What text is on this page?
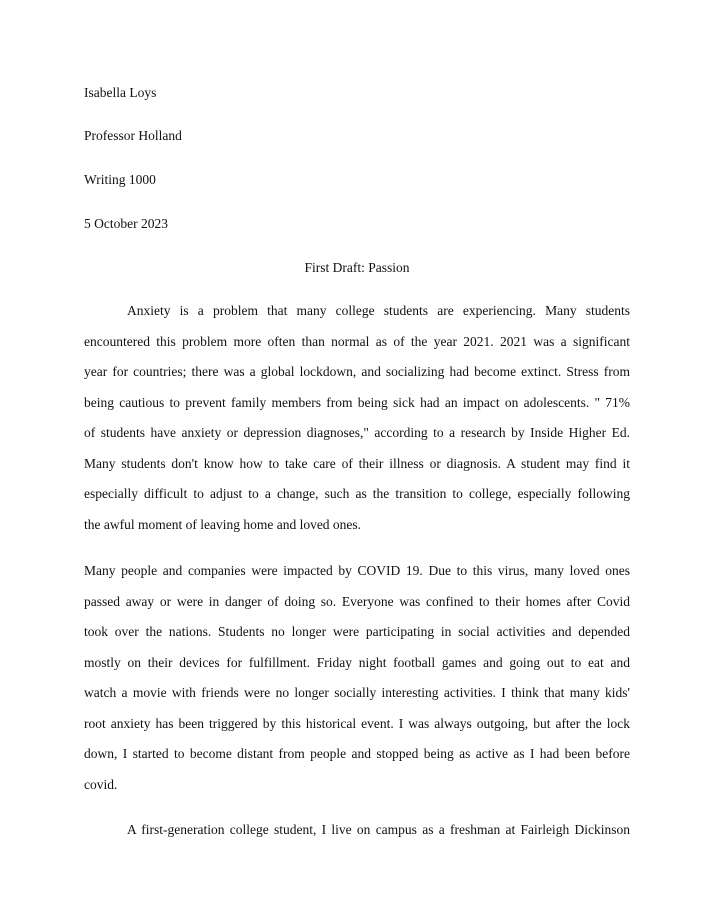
Isabella Loys
Professor Holland
Writing 1000
5 October 2023
First Draft: Passion
Anxiety is a problem that many college students are experiencing. Many students
encountered this problem more often than normal as of the year 2021. 2021 was a significant
year for countries; there was a global lockdown, and socializing had become extinct. Stress from
being cautious to prevent family members from being sick had an impact on adolescents. " 71%
of students have anxiety or depression diagnoses," according to a research by Inside Higher Ed.
Many students don't know how to take care of their illness or diagnosis. A student may find it
especially difficult to adjust to a change, such as the transition to college, especially following
the awful moment of leaving home and loved ones.
Many people and companies were impacted by COVID 19. Due to this virus, many loved ones
passed away or were in danger of doing so. Everyone was confined to their homes after Covid
took over the nations. Students no longer were participating in social activities and depended
mostly on their devices for fulfillment. Friday night football games and going out to eat and
watch a movie with friends were no longer socially interesting activities. I think that many kids'
root anxiety has been triggered by this historical event. I was always outgoing, but after the lock
down, I started to become distant from people and stopped being as active as I had been before
covid.
A first-generation college student, I live on campus as a freshman at Fairleigh Dickinson
